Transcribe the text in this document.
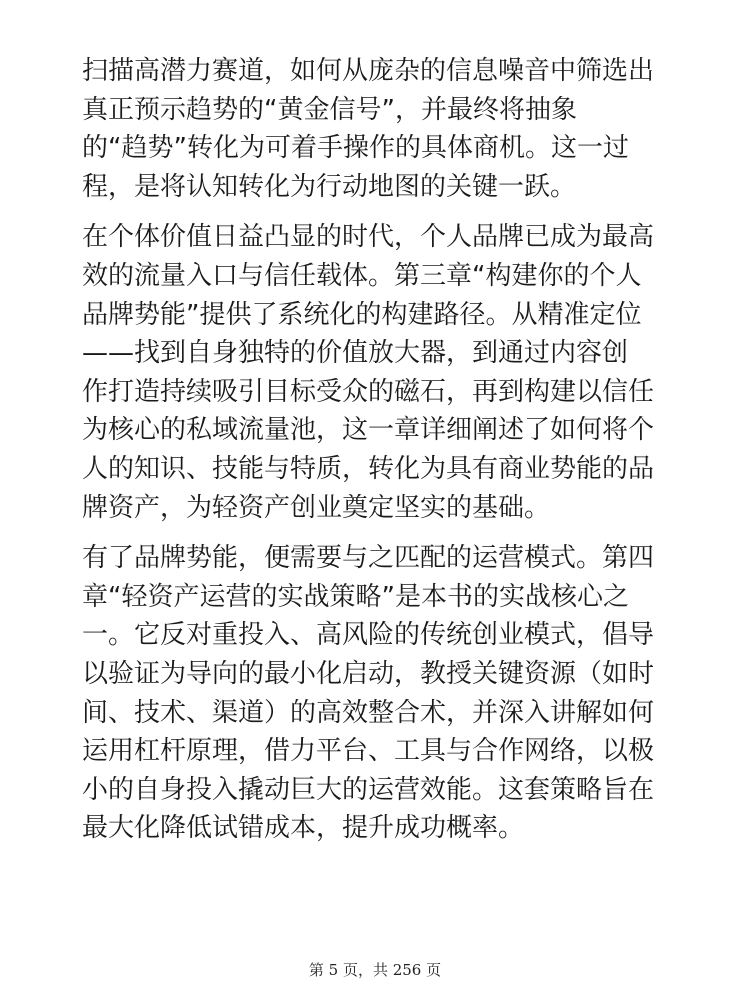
扫描高潜力赛道，如何从庞杂的信息噪音中筛选出
真正预示趋势的“黄金信号”，并最终将抽象
的“趋势”转化为可着手操作的具体商机。这一过
程，是将认知转化为行动地图的关键一跃。

在个体价值日益凸显的时代，个人品牌已成为最高
效的流量入口与信任载体。第三章“构建你的个人
品牌势能”提供了系统化的构建路径。从精准定位
——找到自身独特的价值放大器，到通过内容创
作打造持续吸引目标受众的磁石，再到构建以信任
为核心的私域流量池，这一章详细阐述了如何将个
人的知识、技能与特质，转化为具有商业势能的品
牌资产，为轻资产创业奠定坚实的基础。

有了品牌势能，便需要与之匹配的运营模式。第四
章“轻资产运营的实战策略”是本书的实战核心之
一。它反对重投入、高风险的传统创业模式，倡导
以验证为导向的最小化启动，教授关键资源（如时
间、技术、渠道）的高效整合术，并深入讲解如何
运用杠杆原理，借力平台、工具与合作网络，以极
小的自身投入撬动巨大的运营效能。这套策略旨在
最大化降低试错成本，提升成功概率。

第 5 页，共 256 页
